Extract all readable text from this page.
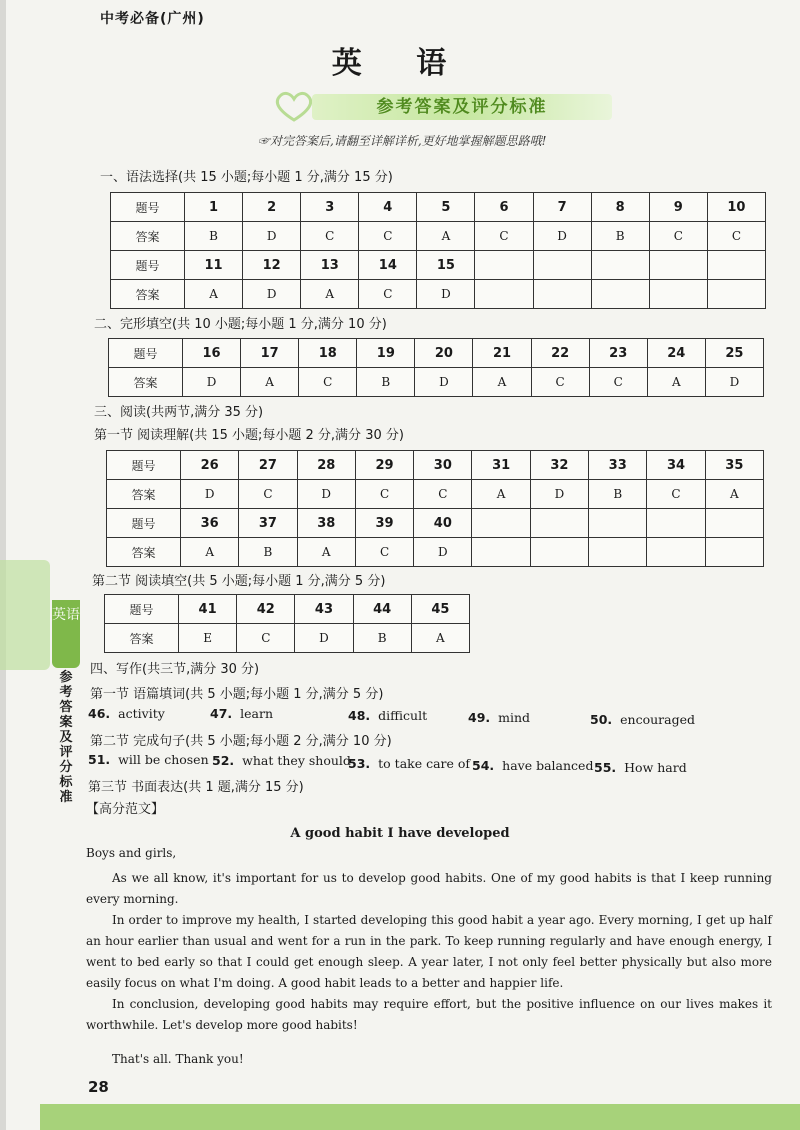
中考必备(广州)
英 语
参考答案及评分标准
☞对完答案后,请翻至详解详析,更好地掌握解题思路哦!
一、语法选择(共 15 小题;每小题 1 分,满分 15 分)
题号	1	2	3	4	5	6	7	8	9	10
答案	B	D	C	C	A	C	D	B	C	C
题号	11	12	13	14	15					
答案	A	D	A	C	D					
二、完形填空(共 10 小题;每小题 1 分,满分 10 分)
题号	16	17	18	19	20	21	22	23	24	25
答案	D	A	C	B	D	A	C	C	A	D
三、阅读(共两节,满分 35 分)
第一节 阅读理解(共 15 小题;每小题 2 分,满分 30 分)
题号	26	27	28	29	30	31	32	33	34	35
答案	D	C	D	C	C	A	D	B	C	A
题号	36	37	38	39	40					
答案	A	B	A	C	D					
第二节 阅读填空(共 5 小题;每小题 1 分,满分 5 分)
题号	41	42	43	44	45
答案	E	C	D	B	A
英语
参考答案及评分标准
四、写作(共三节,满分 30 分)
第一节 语篇填词(共 5 小题;每小题 1 分,满分 5 分)
46. activity	47. learn	48. difficult	49. mind	50. encouraged
第二节 完成句子(共 5 小题;每小题 2 分,满分 10 分)
51. will be chosen 52. what they should
53. to take care of 54. have balanced 55. How hard
第三节 书面表达(共 1 题,满分 15 分)
【高分范文】
A good habit I have developed
Boys and girls,

As we all know, it's important for us to develop good habits. One of my good habits is that I keep running every morning.

In order to improve my health, I started developing this good habit a year ago. Every morning, I get up half an hour earlier than usual and went for a run in the park. To keep running regularly and have enough energy, I went to bed early so that I could get enough sleep. A year later, I not only feel better physically but also more easily focus on what I'm doing. A good habit leads to a better and happier life.

In conclusion, developing good habits may require effort, but the positive influence on our lives makes it worthwhile. Let's develop more good habits!

That's all. Thank you!
28
